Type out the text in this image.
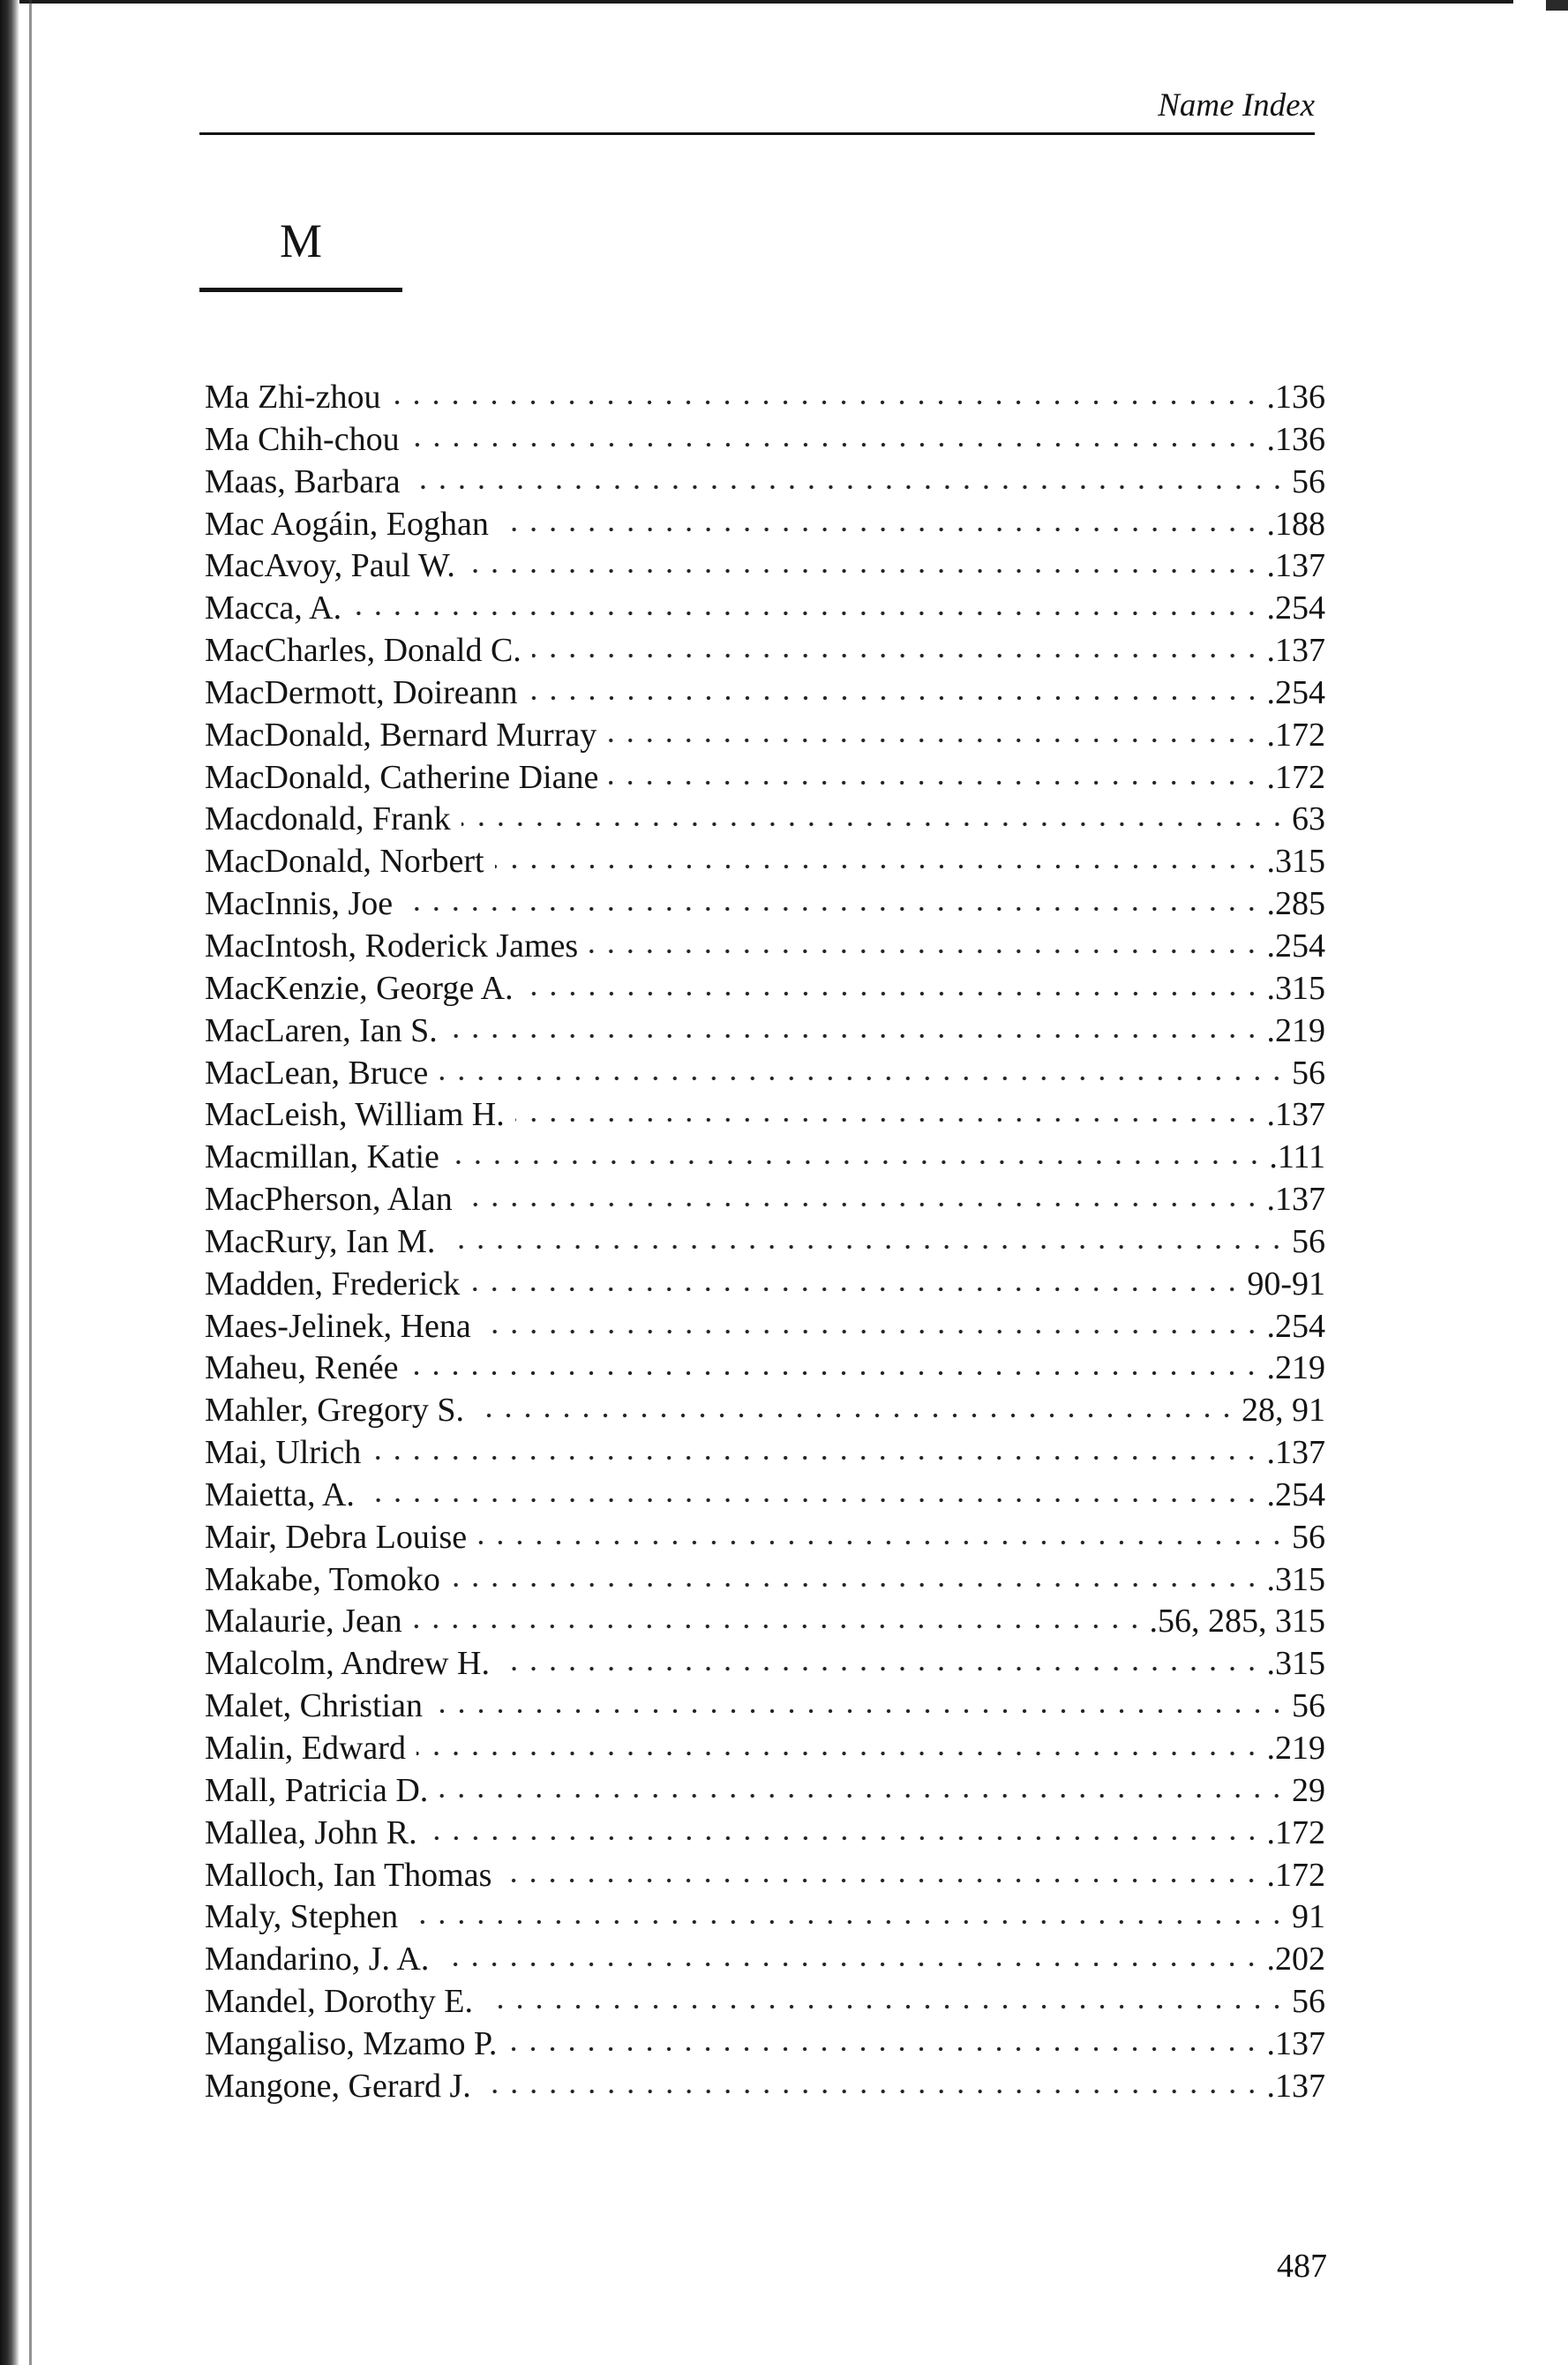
Name Index
M
Ma Zhi-zhou	.136
Ma Chih-chou	.136
Maas, Barbara	56
Mac Aogáin, Eoghan	.188
MacAvoy, Paul W.	.137
Macca, A.	.254
MacCharles, Donald C.	.137
MacDermott, Doireann	.254
MacDonald, Bernard Murray	.172
MacDonald, Catherine Diane	.172
Macdonald, Frank	63
MacDonald, Norbert	.315
MacInnis, Joe	.285
MacIntosh, Roderick James	.254
MacKenzie, George A.	.315
MacLaren, Ian S.	.219
MacLean, Bruce	56
MacLeish, William H.	.137
Macmillan, Katie	.111
MacPherson, Alan	.137
MacRury, Ian M.	56
Madden, Frederick	90-91
Maes-Jelinek, Hena	.254
Maheu, Renée	.219
Mahler, Gregory S.	28, 91
Mai, Ulrich	.137
Maietta, A.	.254
Mair, Debra Louise	56
Makabe, Tomoko	.315
Malaurie, Jean	.56, 285, 315
Malcolm, Andrew H.	.315
Malet, Christian	56
Malin, Edward	.219
Mall, Patricia D.	29
Mallea, John R.	.172
Malloch, Ian Thomas	.172
Maly, Stephen	91
Mandarino, J. A.	.202
Mandel, Dorothy E.	56
Mangaliso, Mzamo P.	.137
Mangone, Gerard J.	.137
487
